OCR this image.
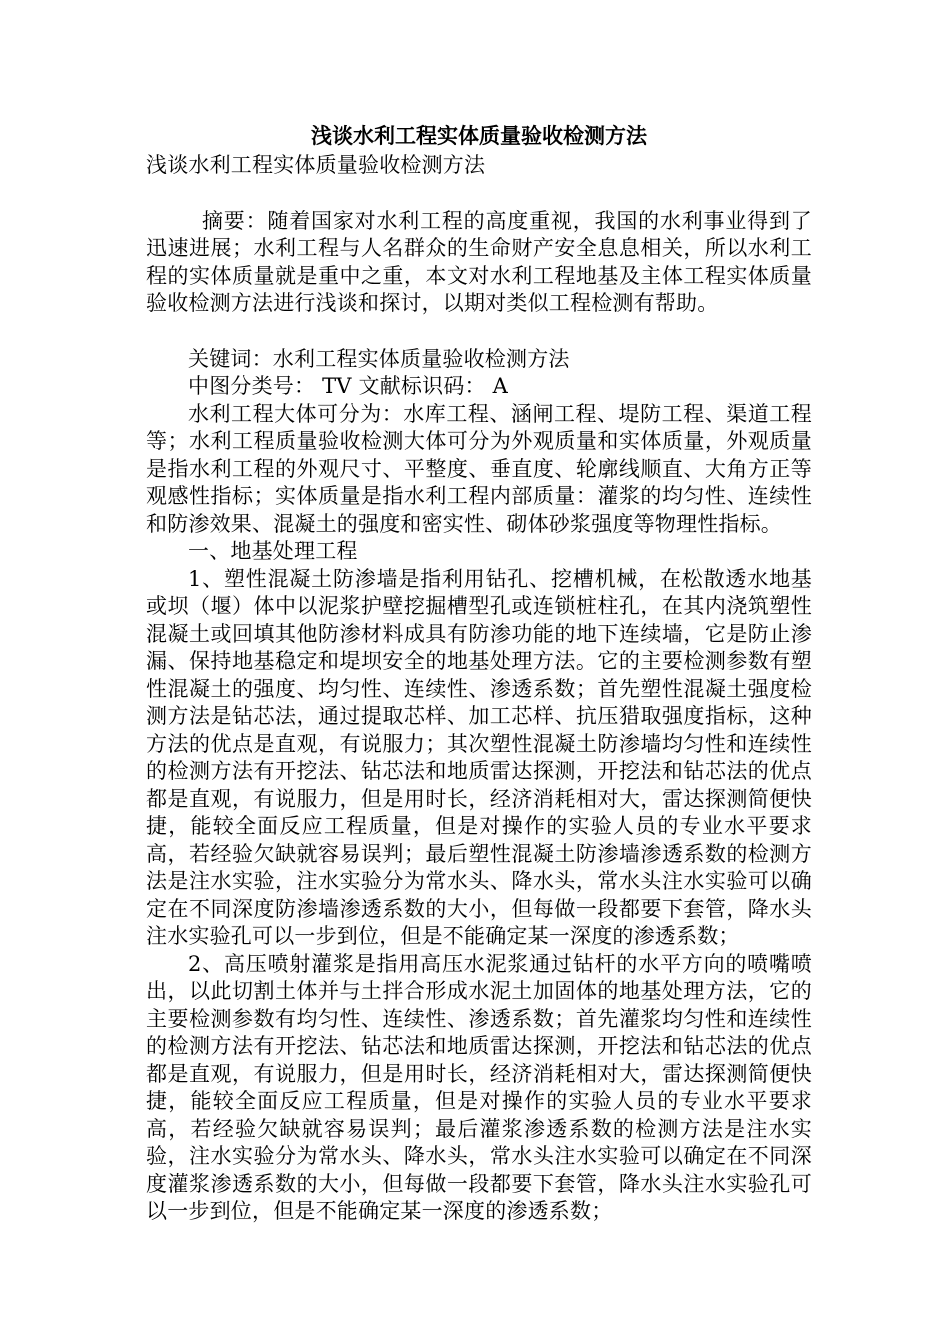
浅谈水利工程实体质量验收检测方法

浅谈水利工程实体质量验收检测方法

摘要：随着国家对水利工程的高度重视，我国的水利事业得到了迅速进展；水利工程与人名群众的生命财产安全息息相关，所以水利工程的实体质量就是重中之重，本文对水利工程地基及主体工程实体质量验收检测方法进行浅谈和探讨，以期对类似工程检测有帮助。

关键词：水利工程实体质量验收检测方法

中图分类号： TV 文献标识码： A

水利工程大体可分为：水库工程、涵闸工程、堤防工程、渠道工程等；水利工程质量验收检测大体可分为外观质量和实体质量，外观质量是指水利工程的外观尺寸、平整度、垂直度、轮廓线顺直、大角方正等观感性指标；实体质量是指水利工程内部质量：灌浆的均匀性、连续性和防渗效果、混凝土的强度和密实性、砌体砂浆强度等物理性指标。

一、地基处理工程

1、塑性混凝土防渗墙是指利用钻孔、挖槽机械，在松散透水地基或坝（堰）体中以泥浆护壁挖掘槽型孔或连锁桩柱孔，在其内浇筑塑性混凝土或回填其他防渗材料成具有防渗功能的地下连续墙，它是防止渗漏、保持地基稳定和堤坝安全的地基处理方法。它的主要检测参数有塑性混凝土的强度、均匀性、连续性、渗透系数；首先塑性混凝土强度检测方法是钻芯法，通过提取芯样、加工芯样、抗压猎取强度指标，这种方法的优点是直观，有说服力；其次塑性混凝土防渗墙均匀性和连续性的检测方法有开挖法、钻芯法和地质雷达探测，开挖法和钻芯法的优点都是直观，有说服力，但是用时长，经济消耗相对大，雷达探测简便快捷，能较全面反应工程质量，但是对操作的实验人员的专业水平要求高，若经验欠缺就容易误判；最后塑性混凝土防渗墙渗透系数的检测方法是注水实验，注水实验分为常水头、降水头，常水头注水实验可以确定在不同深度防渗墙渗透系数的大小，但每做一段都要下套管，降水头注水实验孔可以一步到位，但是不能确定某一深度的渗透系数；

2、高压喷射灌浆是指用高压水泥浆通过钻杆的水平方向的喷嘴喷出，以此切割土体并与土拌合形成水泥土加固体的地基处理方法，它的主要检测参数有均匀性、连续性、渗透系数；首先灌浆均匀性和连续性的检测方法有开挖法、钻芯法和地质雷达探测，开挖法和钻芯法的优点都是直观，有说服力，但是用时长，经济消耗相对大，雷达探测简便快捷，能较全面反应工程质量，但是对操作的实验人员的专业水平要求高，若经验欠缺就容易误判；最后灌浆渗透系数的检测方法是注水实验，注水实验分为常水头、降水头，常水头注水实验可以确定在不同深度灌浆渗透系数的大小，但每做一段都要下套管，降水头注水实验孔可以一步到位，但是不能确定某一深度的渗透系数；
